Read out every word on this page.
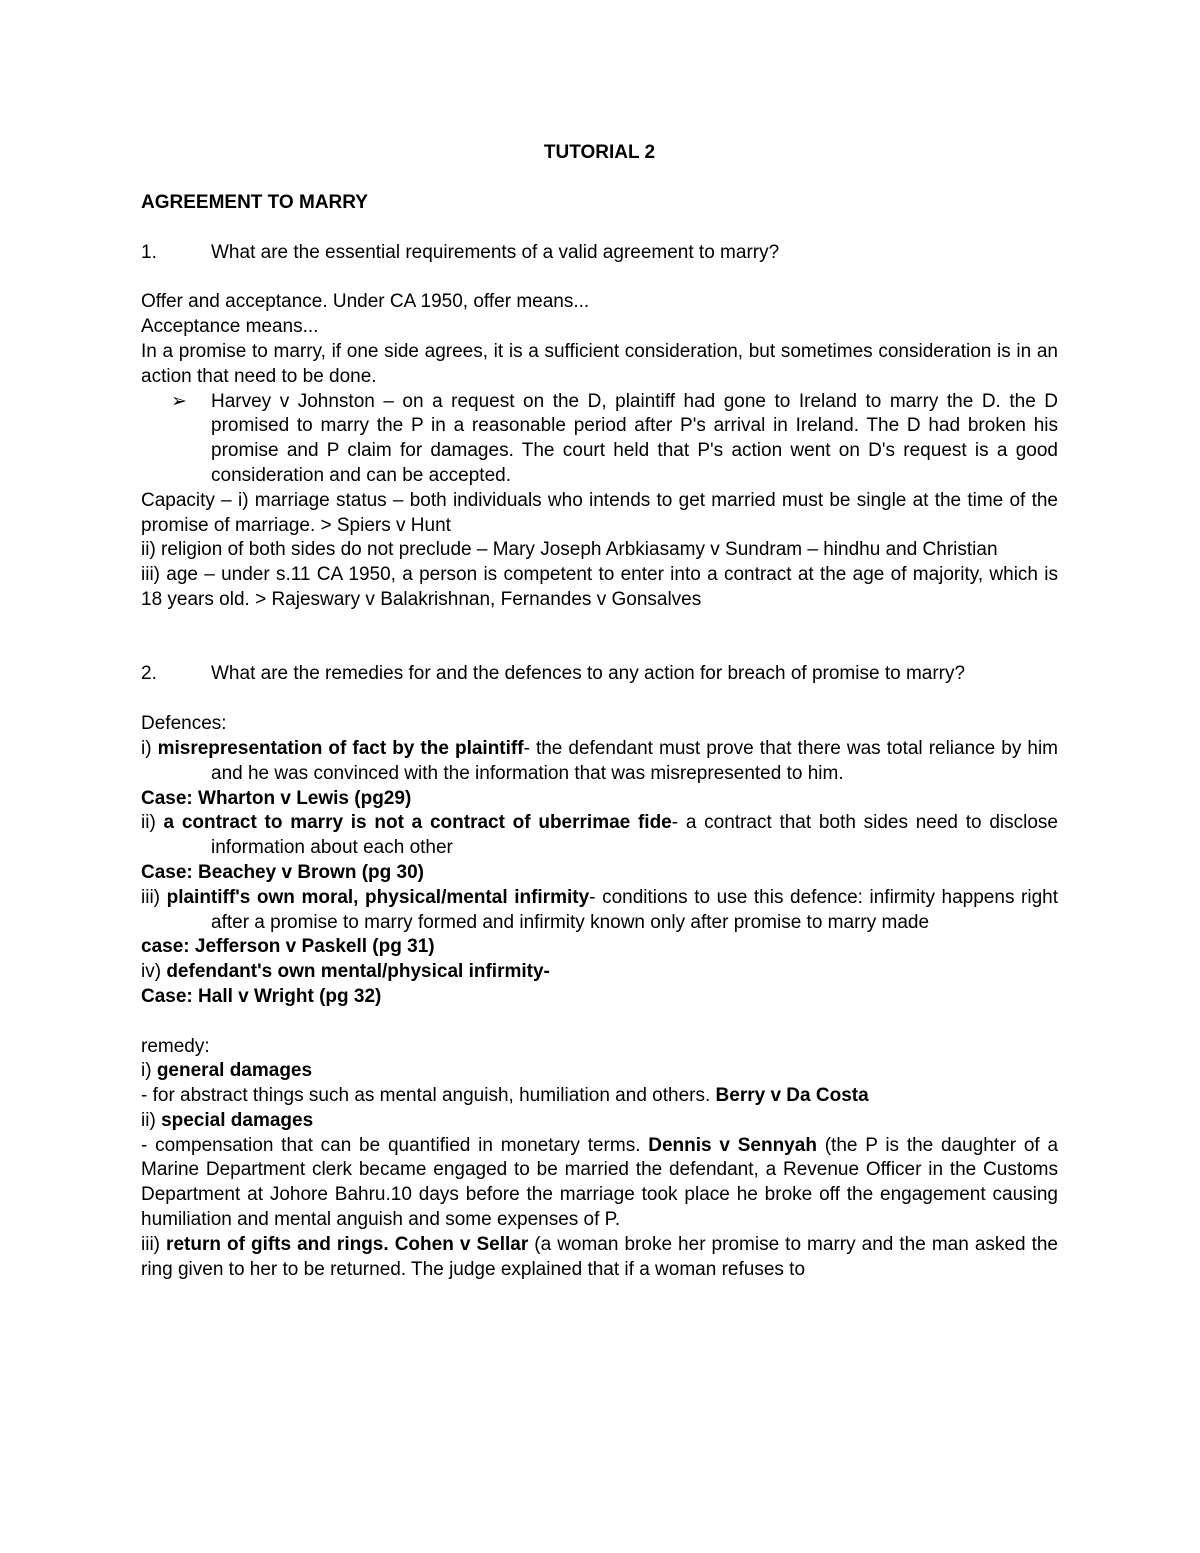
TUTORIAL 2

AGREEMENT TO MARRY

1.	What are the essential requirements of a valid agreement to marry?

Offer and acceptance. Under CA 1950, offer means...

Acceptance means...

In a promise to marry, if one side agrees, it is a sufficient consideration, but sometimes consideration is in an action that need to be done.

➢	Harvey v Johnston – on a request on the D, plaintiff had gone to Ireland to marry the D. the D promised to marry the P in a reasonable period after P's arrival in Ireland. The D had broken his promise and P claim for damages. The court held that P's action went on D's request is a good consideration and can be accepted.

Capacity – i) marriage status – both individuals who intends to get married must be single at the time of the promise of marriage. > Spiers v Hunt

ii) religion of both sides do not preclude – Mary Joseph Arbkiasamy v Sundram – hindhu and Christian

iii) age – under s.11 CA 1950, a person is competent to enter into a contract at the age of majority, which is 18 years old. > Rajeswary v Balakrishnan, Fernandes v Gonsalves

2.	What are the remedies for and the defences to any action for breach of promise to marry?

Defences:

i) misrepresentation of fact by the plaintiff- the defendant must prove that there was total reliance by him and he was convinced with the information that was misrepresented to him.

Case: Wharton v Lewis (pg29)

ii) a contract to marry is not a contract of uberrimae fide- a contract that both sides need to disclose information about each other

Case: Beachey v Brown (pg 30)

iii) plaintiff's own moral, physical/mental infirmity- conditions to use this defence: infirmity happens right after a promise to marry formed and infirmity known only after promise to marry made

case: Jefferson v Paskell (pg 31)

iv) defendant's own mental/physical infirmity-

Case: Hall v Wright (pg 32)

remedy:

i) general damages

- for abstract things such as mental anguish, humiliation and others. Berry v Da Costa

ii) special damages

- compensation that can be quantified in monetary terms. Dennis v Sennyah (the P is the daughter of a Marine Department clerk became engaged to be married the defendant, a Revenue Officer in the Customs Department at Johore Bahru.10 days before the marriage took place he broke off the engagement causing humiliation and mental anguish and some expenses of P.

iii) return of gifts and rings. Cohen v Sellar (a woman broke her promise to marry and the man asked the ring given to her to be returned. The judge explained that if a woman refuses to
